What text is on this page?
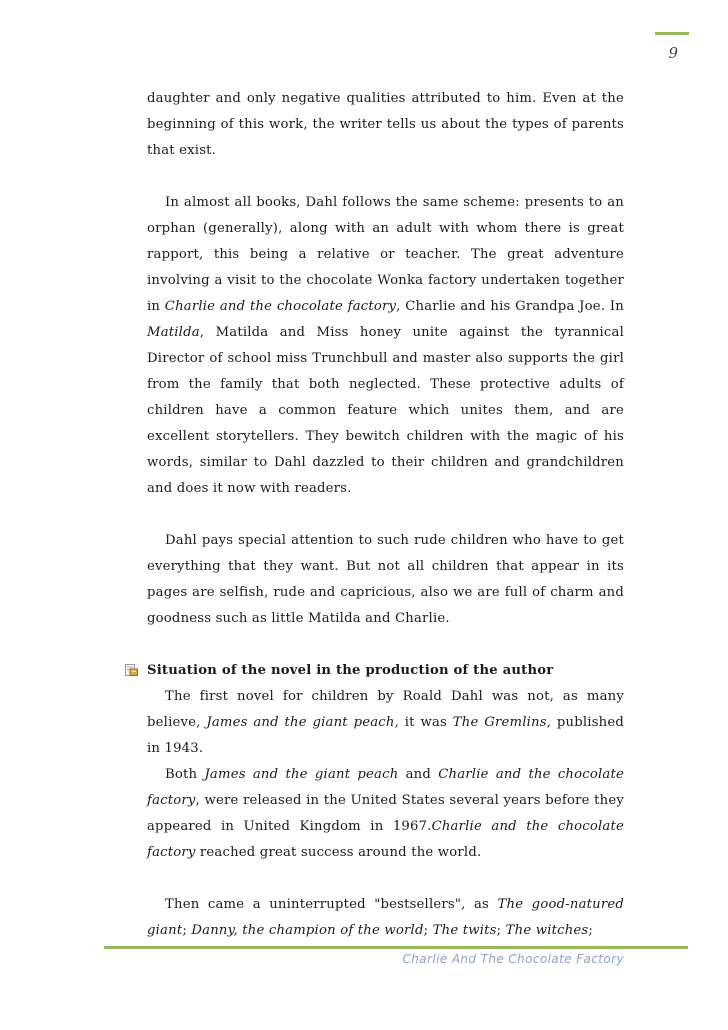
9

daughter and only negative qualities attributed to him. Even at the beginning of this work, the writer tells us about the types of parents that exist.

In almost all books, Dahl follows the same scheme: presents to an orphan (generally), along with an adult with whom there is great rapport, this being a relative or teacher. The great adventure involving a visit to the chocolate Wonka factory undertaken together in Charlie and the chocolate factory, Charlie and his Grandpa Joe. In Matilda, Matilda and Miss honey unite against the tyrannical Director of school miss Trunchbull and master also supports the girl from the family that both neglected. These protective adults of children have a common feature which unites them, and are excellent storytellers. They bewitch children with the magic of his words, similar to Dahl dazzled to their children and grandchildren and does it now with readers.

Dahl pays special attention to such rude children who have to get everything that they want. But not all children that appear in its pages are selfish, rude and capricious, also we are full of charm and goodness such as little Matilda and Charlie.

Situation of the novel in the production of the author

The first novel for children by Roald Dahl was not, as many believe, James and the giant peach, it was The Gremlins, published in 1943.

Both James and the giant peach and Charlie and the chocolate factory, were released in the United States several years before they appeared in United Kingdom in 1967.Charlie and the chocolate factory reached great success around the world.

Then came a uninterrupted "bestsellers", as The good-natured giant; Danny, the champion of the world; The twits; The witches;

Charlie And The Chocolate Factory
